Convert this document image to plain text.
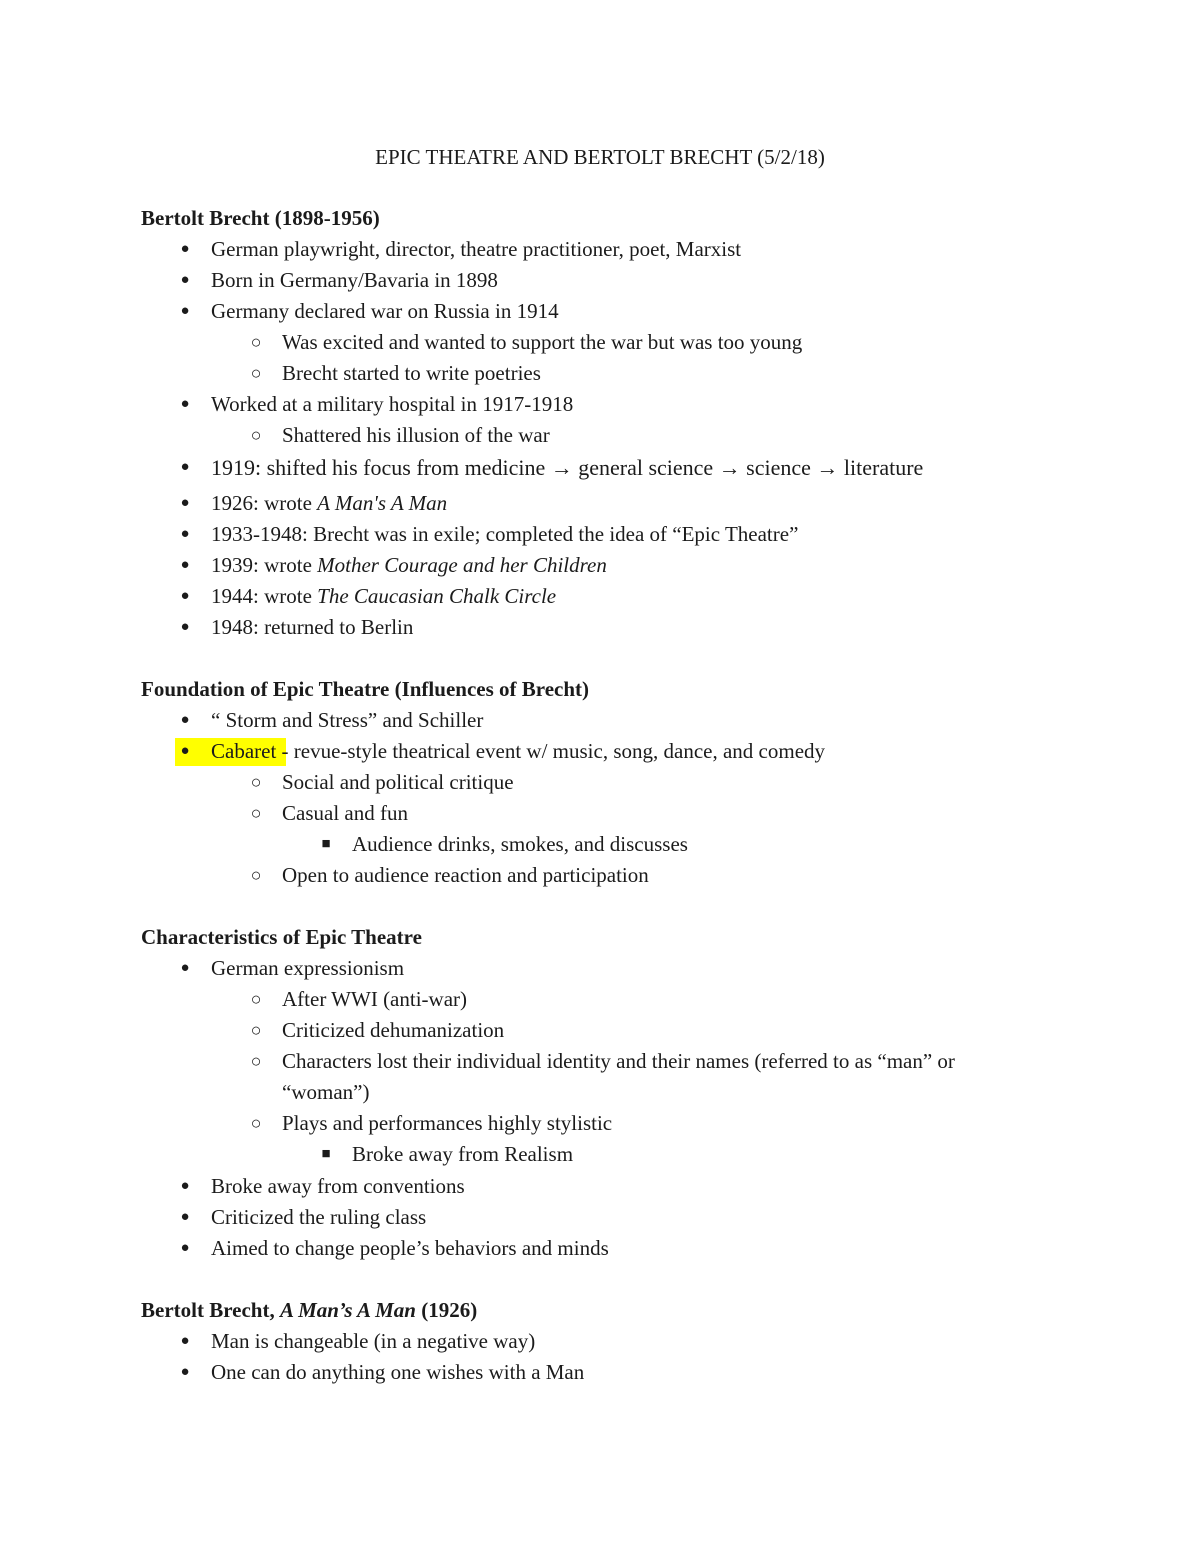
EPIC THEATRE AND BERTOLT BRECHT (5/2/18)
Bertolt Brecht (1898-1956)
● German playwright, director, theatre practitioner, poet, Marxist
● Born in Germany/Bavaria in 1898
● Germany declared war on Russia in 1914
○ Was excited and wanted to support the war but was too young
○ Brecht started to write poetries
● Worked at a military hospital in 1917-1918
○ Shattered his illusion of the war
● 1919: shifted his focus from medicine → general science → science → literature
● 1926: wrote A Man's A Man
● 1933-1948: Brecht was in exile; completed the idea of “Epic Theatre”
● 1939: wrote Mother Courage and her Children
● 1944: wrote The Caucasian Chalk Circle
● 1948: returned to Berlin
Foundation of Epic Theatre (Influences of Brecht)
● “ Storm and Stress” and Schiller
● Cabaret - revue-style theatrical event w/ music, song, dance, and comedy
○ Social and political critique
○ Casual and fun
■ Audience drinks, smokes, and discusses
○ Open to audience reaction and participation
Characteristics of Epic Theatre
● German expressionism
○ After WWI (anti-war)
○ Criticized dehumanization
○ Characters lost their individual identity and their names (referred to as “man” or
“woman”)
○ Plays and performances highly stylistic
■ Broke away from Realism
● Broke away from conventions
● Criticized the ruling class
● Aimed to change people’s behaviors and minds
Bertolt Brecht, A Man’s A Man (1926)
● Man is changeable (in a negative way)
● One can do anything one wishes with a Man
